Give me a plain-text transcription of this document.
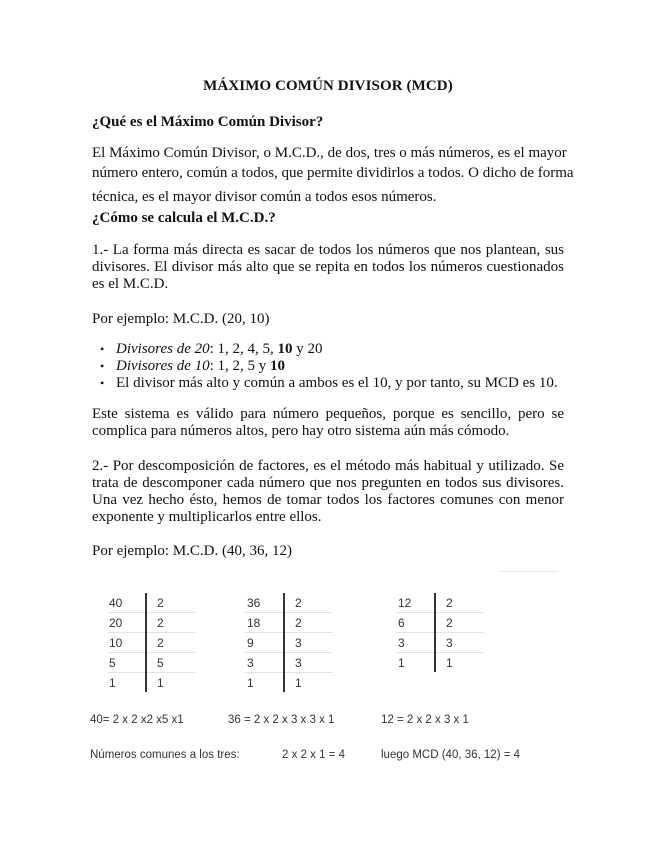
MÁXIMO COMÚN DIVISOR (MCD)
¿Qué es el Máximo Común Divisor?
El Máximo Común Divisor, o M.C.D., de dos, tres o más números, es el mayor
número entero, común a todos, que permite dividirlos a todos. O dicho de forma
técnica, es el mayor divisor común a todos esos números.
¿Cómo se calcula el M.C.D.?
1.- La forma más directa es sacar de todos los números que nos plantean, sus divisores. El divisor más alto que se repita en todos los números cuestionados es el M.C.D.
Por ejemplo: M.C.D. (20, 10)
• Divisores de 20: 1, 2, 4, 5, 10 y 20
• Divisores de 10: 1, 2, 5 y 10
• El divisor más alto y común a ambos es el 10, y por tanto, su MCD es 10.
Este sistema es válido para número pequeños, porque es sencillo, pero se complica para números altos, pero hay otro sistema aún más cómodo.
2.- Por descomposición de factores, es el método más habitual y utilizado. Se trata de descomponer cada número que nos pregunten en todos sus divisores. Una vez hecho ésto, hemos de tomar todos los factores comunes con menor exponente y multiplicarlos entre ellos.
Por ejemplo: M.C.D. (40, 36, 12)
40	2
20	2
10	2
5	5
1	1
36	2
18	2
9	3
3	3
1	1
12	2
6	2
3	3
1	1
40= 2 x 2 x2 x5 x1	36 = 2 x 2 x 3 x 3 x 1	12 = 2 x 2 x 3 x 1
Números comunes a los tres:	2 x 2 x 1 = 4	luego MCD (40, 36, 12) = 4
